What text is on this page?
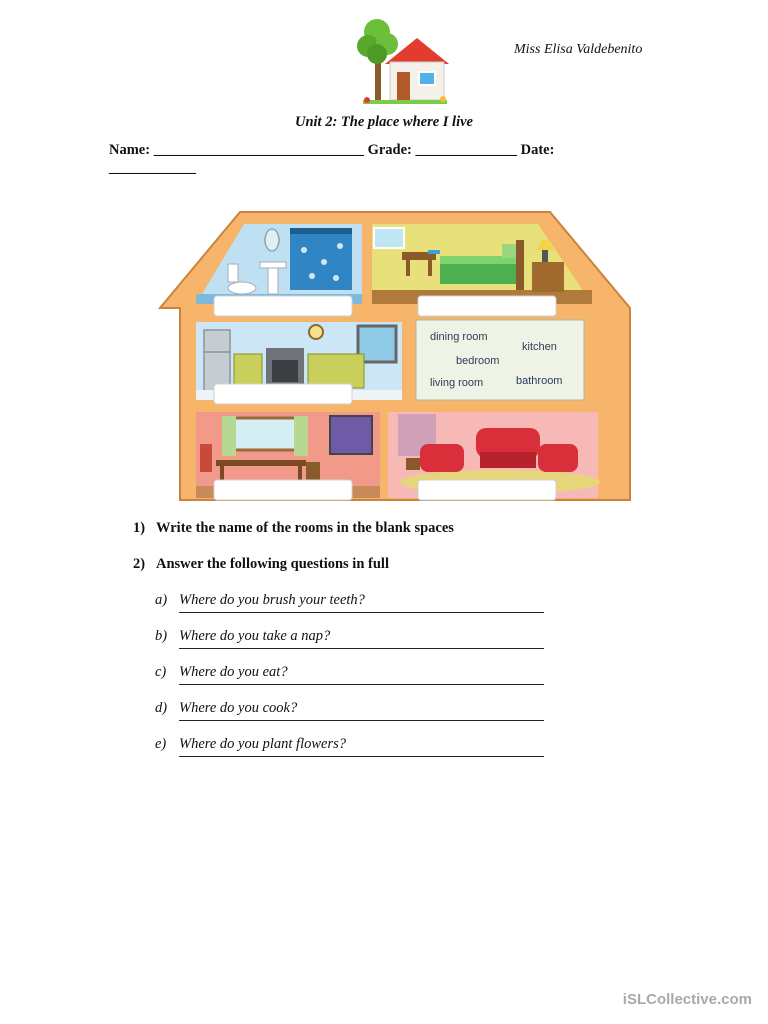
Miss Elisa Valdebenito
Unit 2: The place where I live
Name: _____________________________ Grade: ______________ Date:
____________
dining room
kitchen
bedroom
living room	bathroom
1) Write the name of the rooms in the blank spaces
2) Answer the following questions in full
a) Where do you brush your teeth?
b) Where do you take a nap?
c) Where do you eat?
d) Where do you cook?
e) Where do you plant flowers?
iSLCollective.com
